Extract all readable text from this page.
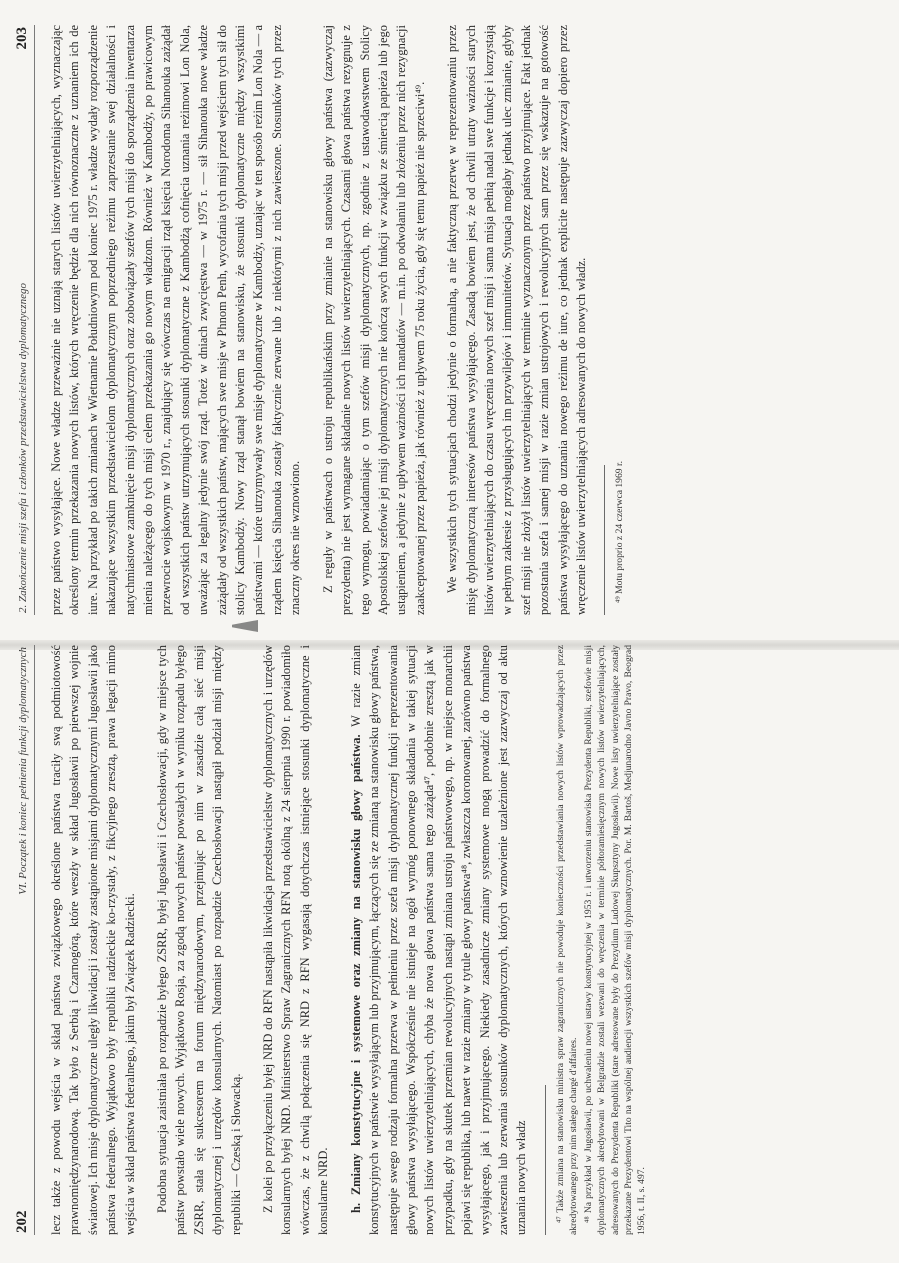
2. Zakończenie misji szefa i członków przedstawicielstwa dyplomatycznego
203 przez państwo wysyłające. Nowe władze przeważnie nie uznają starych listów uwierzytelniających, wyznaczając określony termin przekazania nowych listów, których wręczenie będzie dla nich równoznaczne z uznaniem ich de iure. Na przykład po takich zmianach w Wietnamie Południowym pod koniec 1975 r. władze wydały rozporządzenie nakazujące wszystkim przedstawicielom dyplomatycznym poprzedniego reżimu zaprzestanie swej działalności i natychmiastowe zamknięcie misji dyplomatycznych oraz zobowiązały szefów tych misji do sporządzenia inwentarza mienia należącego do tych misji celem przekazania go nowym władzom. Również w Kambodży, po prawicowym przewrocie wojskowym w 1970 r., znajdujący się wówczas na emigracji rząd księcia Norodoma Sihanouka zażądał od wszystkich państw utrzymujących stosunki dyplomatyczne z Kambodżą cofnięcia uznania reżimowi Lon Nola, uważając za legalny jedynie swój rząd. Toteż w dniach zwycięstwa — w 1975 r. — sił Sihanouka nowe władze zażądały od wszystkich państw, mających swe misje w Phnom Penh, wycofania tych misji przed wejściem tych sił do stolicy Kambodży. Nowy rząd stanął bowiem na stanowisku, że stosunki dyplomatyczne między wszystkimi państwami — które utrzymywały swe misje dyplomatyczne w Kambodży, uznając w ten sposób reżim Lon Nola — a rządem księcia Sihanouka zostały faktycznie zerwane lub z niektórymi z nich zawieszone. Stosunków tych przez znaczny okres nie wznowiono. Z reguły w państwach o ustroju republikańskim przy zmianie na stanowisku głowy państwa (zazwyczaj prezydenta) nie jest wymagane składanie nowych listów uwierzytelniających. Czasami głowa państwa rezygnuje z tego wymogu, powiadamiając o tym szefów misji dyplomatycznych, np. zgodnie z ustawodawstwem Stolicy Apostolskiej szefowie jej misji dyplomatycznych nie kończą swych funkcji w związku ze śmiercią papieża lub jego ustąpieniem, a jedynie z upływem ważności ich mandatów — m.in. po odwołaniu lub złożeniu przez nich rezygnacji zaakceptowanej przez papieża, jak również z upływem 75 roku życia, gdy się temu papież nie sprzeciwi⁴⁹. We wszystkich tych sytuacjach chodzi jedynie o formalną, a nie faktyczną przerwę w reprezentowaniu przez misję dyplomatyczną interesów państwa wysyłającego. Zasadą bowiem jest, że od chwili utraty ważności starych listów uwierzytelniających do czasu wręczenia nowych szef misji i sama misja pełnią nadal swe funkcje i korzystają w pełnym zakresie z przysługujących im przywilejów i immunitetów. Sytuacja mogłaby jednak ulec zmianie, gdyby szef misji nie złożył listów uwierzytelniających w terminie wyznaczonym przez państwo przyjmujące. Fakt jednak pozostania szefa i samej misji w razie zmian ustrojowych i rewolucyjnych sam przez się wskazuje na gotowość państwa wysyłającego do uznania nowego reżimu de iure, co jednak explicite następuje zazwyczaj dopiero przez wręczenie listów uwierzytelniających adresowanych do nowych władz.	⁴⁹ Motu proprio z 24 czerwca 1969 r.

202
VI. Początek i koniec pełnienia funkcji dyplomatycznych lecz także z powodu wejścia w skład państwa związkowego określone państwa traciły swą podmiotowość prawnomiędzynarodową. Tak było z Serbią i Czarnogórą, które weszły w skład Jugosławii po pierwszej wojnie światowej. Ich misje dyplomatyczne uległy likwidacji i zostały zastąpione misjami dyplomatycznymi Jugosławii jako państwa federalnego. Wyjątkowo były republiki radzieckie ko-rzystały, z fikcyjnego zresztą, prawa legacji mimo wejścia w skład państwa federalnego, jakim był Związek Radziecki. Podobna sytuacja zaistniała po rozpadzie byłego ZSRR, byłej Jugosławii i Czechosłowacji, gdy w miejsce tych państw powstało wiele nowych. Wyjątkowo Rosja, za zgodą nowych państw powstałych w wyniku rozpadu byłego ZSRR, stała się sukcesorem na forum międzynarodowym, przejmując po nim w zasadzie całą sieć misji dyplomatycznej i urzędów konsularnych. Natomiast po rozpadzie Czechosłowacji nastąpił podział misji między republiki — Czeską i Słowacką. Z kolei po przyłączeniu byłej NRD do RFN nastąpiła likwidacja przedstawicielstw dyplomatycznych i urzędów konsularnych byłej NRD. Ministerstwo Spraw Zagranicznych RFN notą okólną z 24 sierpnia 1990 r. powiadomiło wówczas, że z chwilą połączenia się NRD z RFN wygasają dotychczas istniejące stosunki dyplomatyczne i konsularne NRD. h. Zmiany konstytucyjne i systemowe oraz zmiany na stanowisku głowy państwa. W razie zmian konstytucyjnych w państwie wysyłającym lub przyjmującym, łączących się ze zmianą na stanowisku głowy państwa, następuje swego rodzaju formalna przerwa w pełnieniu przez szefa misji dyplomatycznej funkcji reprezentowania głowy państwa wysyłającego. Współcześnie nie istnieje na ogół wymóg ponownego składania w takiej sytuacji nowych listów uwierzytelniających, chyba że nowa głowa państwa sama tego zażąda⁴⁷, podobnie zresztą jak w przypadku, gdy na skutek przemian rewolucyjnych nastąpi zmiana ustroju państwowego, np. w miejsce monarchii pojawi się republika, lub nawet w razie zmiany w tytule głowy państwa⁴⁸, zwłaszcza koronowanej, zarówno państwa wysyłającego, jak i przyjmującego. Niekiedy zasadnicze zmiany systemowe mogą prowadzić do formalnego zawieszenia lub zerwania stosunków dyplomatycznych, których wznowienie uzależnione jest zazwyczaj od aktu uznania nowych władz	⁴⁷ Także zmiana na stanowisku ministra spraw zagranicznych nie powoduje konieczności przedstawiania nowych listów wprowadzających przez akredytowanego przy nim stałego chargé d'affaires. ⁴⁸ Na przykład w Jugosławii, po uchwaleniu nowej ustawy konstytucyjnej w 1953 r. i utworzeniu stanowiska Prezydenta Republiki, szefowie misji dyplomatycznych akredytowani w Belgradzie zostali wezwani do wręczenia w terminie półtoramiesięcznym nowych listów uwierzytelniających, adresowanych do Prezydenta Republiki (stare adresowane były do Prezydium Ludowej Skupsztyny Jugosławii). Nowe listy uwierzytelniające zostały przekazane Prezydentowi Tito na wspólnej audiencji wszystkich szefów misji dyplomatycznych. Por. M. Bartoš, Medjunarodno Javno Pravo, Beograd 1956, t. II, s. 497.
